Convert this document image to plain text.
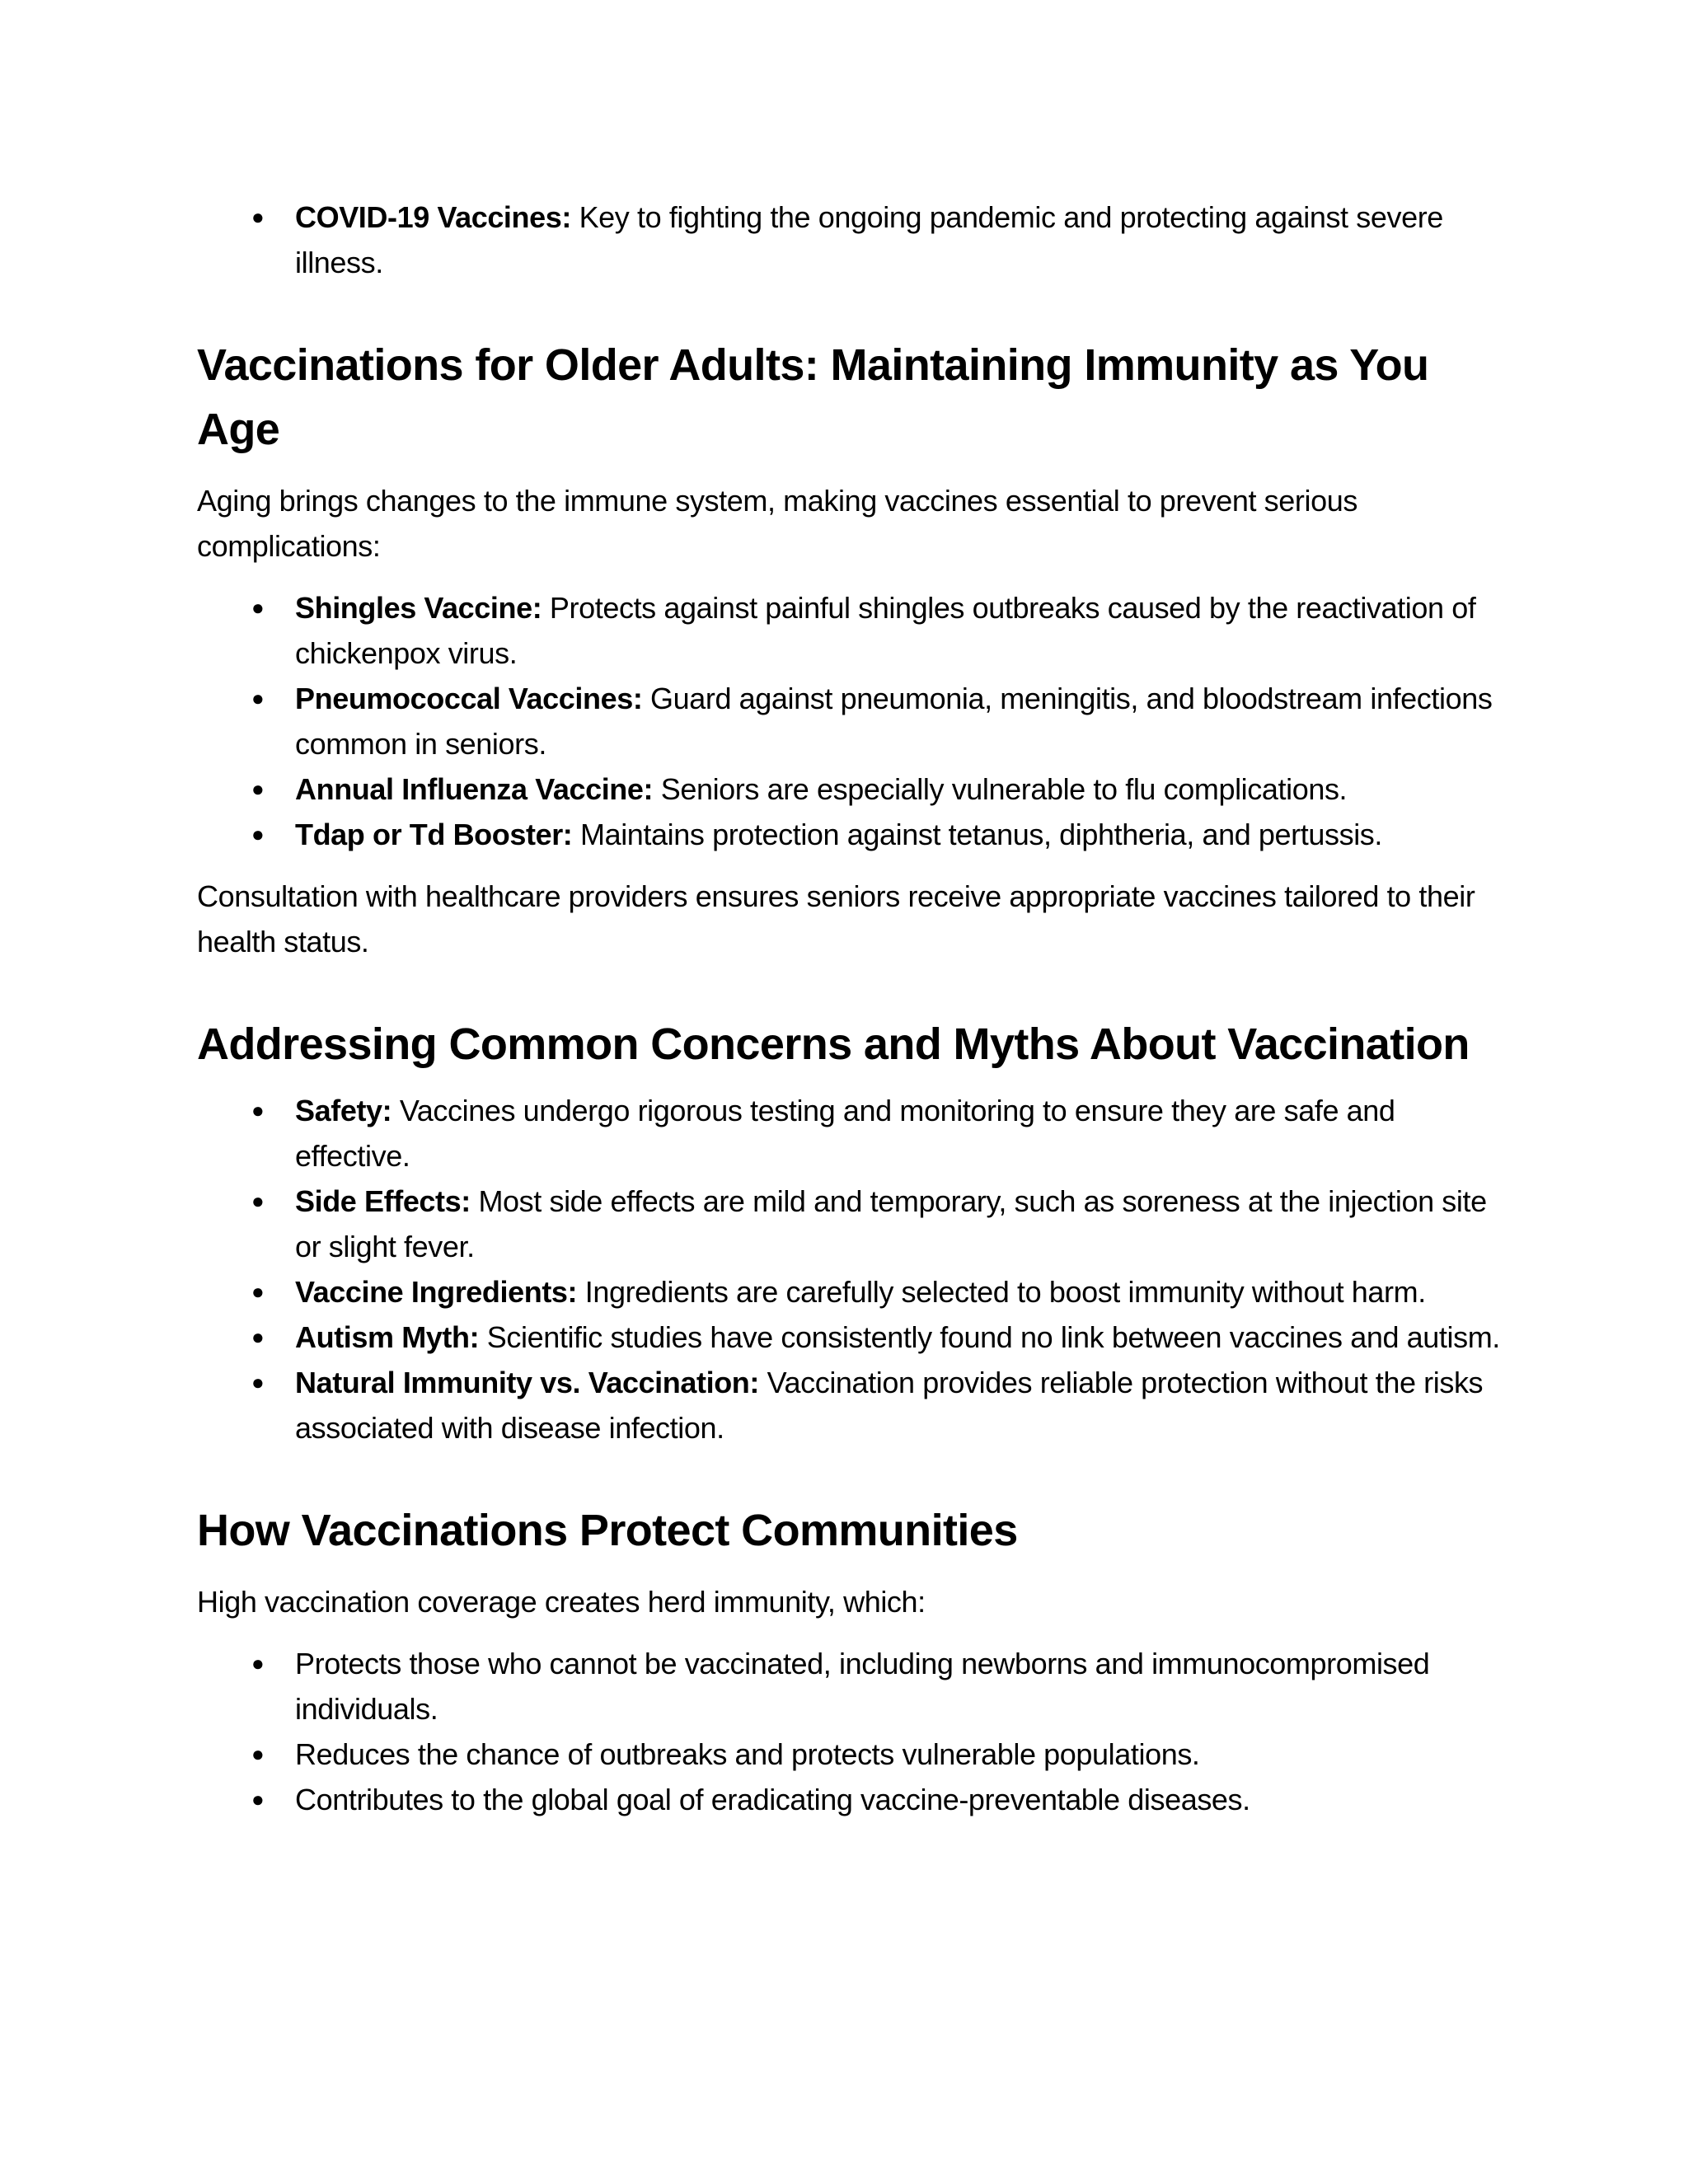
● COVID-19 Vaccines: Key to fighting the ongoing pandemic and protecting against severe illness.
Vaccinations for Older Adults: Maintaining Immunity as You Age

Aging brings changes to the immune system, making vaccines essential to prevent serious complications:

● Shingles Vaccine: Protects against painful shingles outbreaks caused by the reactivation of chickenpox virus.
● Pneumococcal Vaccines: Guard against pneumonia, meningitis, and bloodstream infections common in seniors.
● Annual Influenza Vaccine: Seniors are especially vulnerable to flu complications.
● Tdap or Td Booster: Maintains protection against tetanus, diphtheria, and pertussis.

Consultation with healthcare providers ensures seniors receive appropriate vaccines tailored to their health status.

Addressing Common Concerns and Myths About Vaccination
● Safety: Vaccines undergo rigorous testing and monitoring to ensure they are safe and effective.
● Side Effects: Most side effects are mild and temporary, such as soreness at the injection site or slight fever.
● Vaccine Ingredients: Ingredients are carefully selected to boost immunity without harm.
● Autism Myth: Scientific studies have consistently found no link between vaccines and autism.
● Natural Immunity vs. Vaccination: Vaccination provides reliable protection without the risks associated with disease infection.
How Vaccinations Protect Communities

High vaccination coverage creates herd immunity, which:

● Protects those who cannot be vaccinated, including newborns and immunocompromised individuals.
● Reduces the chance of outbreaks and protects vulnerable populations.
● Contributes to the global goal of eradicating vaccine-preventable diseases.
